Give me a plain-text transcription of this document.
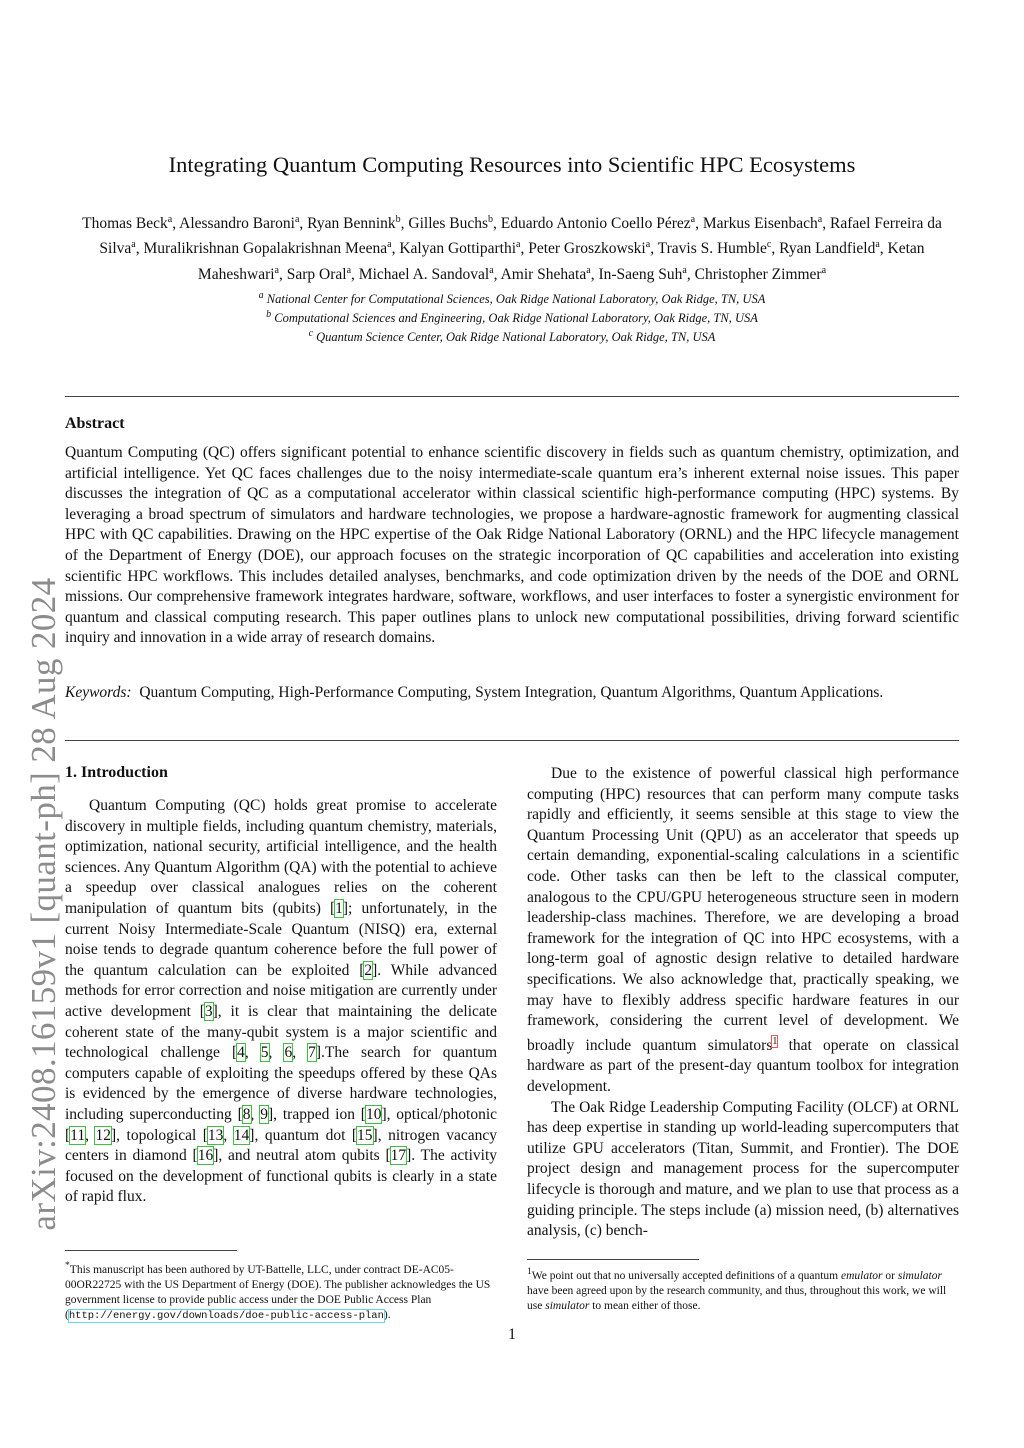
arXiv:2408.16159v1 [quant-ph] 28 Aug 2024
Integrating Quantum Computing Resources into Scientific HPC Ecosystems
Thomas Beck$^a$, Alessandro Baroni$^a$, Ryan Bennink$^b$, Gilles Buchs$^b$, Eduardo Antonio Coello Pérez$^a$, Markus Eisenbach$^a$, Rafael Ferreira da Silva$^a$, Muralikrishnan Gopalakrishnan Meena$^a$, Kalyan Gottiparthi$^a$, Peter Groszkowski$^a$, Travis S. Humble$^c$, Ryan Landfield$^a$, Ketan Maheshwari$^a$, Sarp Oral$^a$, Michael A. Sandoval$^a$, Amir Shehata$^a$, In-Saeng Suh$^a$, Christopher Zimmer$^a$
$^a$ National Center for Computational Sciences, Oak Ridge National Laboratory, Oak Ridge, TN, USA
$^b$ Computational Sciences and Engineering, Oak Ridge National Laboratory, Oak Ridge, TN, USA
$^c$ Quantum Science Center, Oak Ridge National Laboratory, Oak Ridge, TN, USA
Abstract
Quantum Computing (QC) offers significant potential to enhance scientific discovery in fields such as quantum chemistry, optimization, and artificial intelligence. Yet QC faces challenges due to the noisy intermediate-scale quantum era’s inherent external noise issues. This paper discusses the integration of QC as a computational accelerator within classical scientific high-performance computing (HPC) systems. By leveraging a broad spectrum of simulators and hardware technologies, we propose a hardware-agnostic framework for augmenting classical HPC with QC capabilities. Drawing on the HPC expertise of the Oak Ridge National Laboratory (ORNL) and the HPC lifecycle management of the Department of Energy (DOE), our approach focuses on the strategic incorporation of QC capabilities and acceleration into existing scientific HPC workflows. This includes detailed analyses, benchmarks, and code optimization driven by the needs of the DOE and ORNL missions. Our comprehensive framework integrates hardware, software, workflows, and user interfaces to foster a synergistic environment for quantum and classical computing research. This paper outlines plans to unlock new computational possibilities, driving forward scientific inquiry and innovation in a wide array of research domains.
Keywords: Quantum Computing, High-Performance Computing, System Integration, Quantum Algorithms, Quantum Applications.
1. Introduction

Quantum Computing (QC) holds great promise to accelerate discovery in multiple fields, including quantum chemistry, materials, optimization, national security, artificial intelligence, and the health sciences. Any Quantum Algorithm (QA) with the potential to achieve a speedup over classical analogues relies on the coherent manipulation of quantum bits (qubits) [1]; unfortunately, in the current Noisy Intermediate-Scale Quantum (NISQ) era, external noise tends to degrade quantum coherence before the full power of the quantum calculation can be exploited [2]. While advanced methods for error correction and noise mitigation are currently under active development [3], it is clear that maintaining the delicate coherent state of the many-qubit system is a major scientific and technological challenge [4, 5, 6, 7].The search for quantum computers capable of exploiting the speedups offered by these QAs is evidenced by the emergence of diverse hardware technologies, including superconducting [8, 9], trapped ion [10], optical/photonic [11, 12], topological [13, 14], quantum dot [15], nitrogen vacancy centers in diamond [16], and neutral atom qubits [17]. The activity focused on the development of functional qubits is clearly in a state of rapid flux.

Due to the existence of powerful classical high performance computing (HPC) resources that can perform many compute tasks rapidly and efficiently, it seems sensible at this stage to view the Quantum Processing Unit (QPU) as an accelerator that speeds up certain demanding, exponential-scaling calculations in a scientific code. Other tasks can then be left to the classical computer, analogous to the CPU/GPU heterogeneous structure seen in modern leadership-class machines. Therefore, we are developing a broad framework for the integration of QC into HPC ecosystems, with a long-term goal of agnostic design relative to detailed hardware specifications. We also acknowledge that, practically speaking, we may have to flexibly address specific hardware features in our framework, considering the current level of development. We broadly include quantum simulators$^1$ that operate on classical hardware as part of the present-day quantum toolbox for integration development.

The Oak Ridge Leadership Computing Facility (OLCF) at ORNL has deep expertise in standing up world-leading supercomputers that utilize GPU accelerators (Titan, Summit, and Frontier). The DOE project design and management process for the supercomputer lifecycle is thorough and mature, and we plan to use that process as a guiding principle. The steps include (a) mission need, (b) alternatives analysis, (c) bench-

*This manuscript has been authored by UT-Battelle, LLC, under contract DE-AC05-00OR22725 with the US Department of Energy (DOE). The publisher acknowledges the US government license to provide public access under the DOE Public Access Plan (http://energy.gov/downloads/doe-public-access-plan).
$^1$We point out that no universally accepted definitions of a quantum emulator or simulator have been agreed upon by the research community, and thus, throughout this work, we will use simulator to mean either of those.
1
